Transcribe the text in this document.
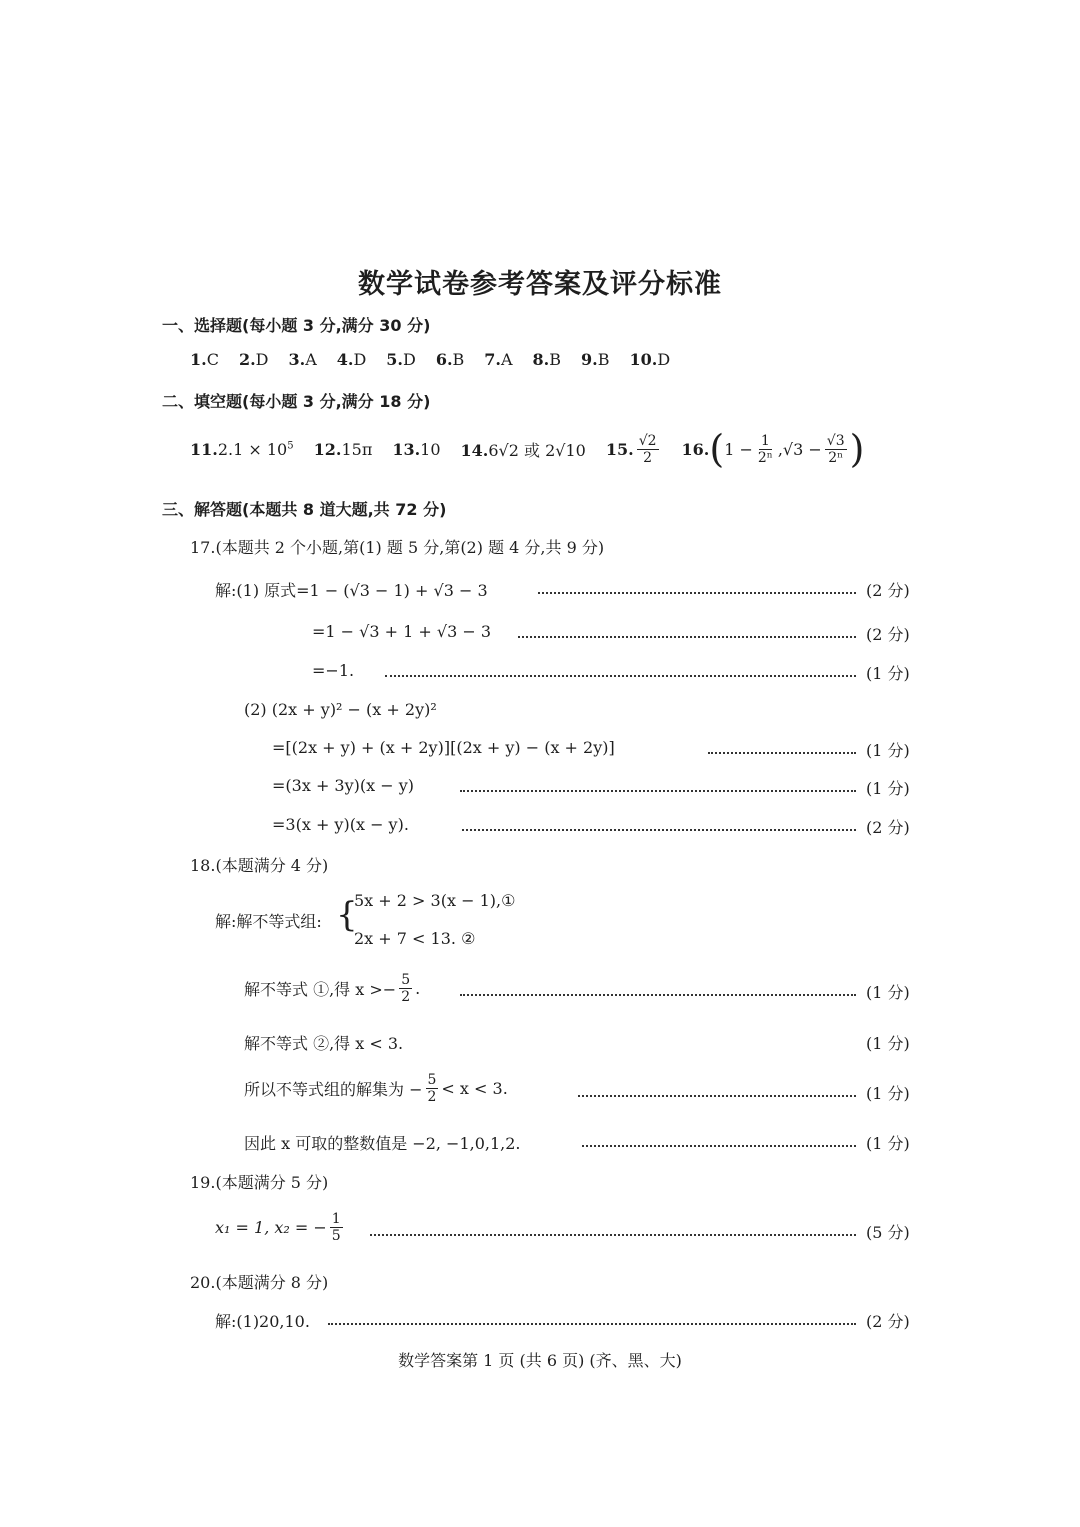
数学试卷参考答案及评分标准
一、选择题(每小题 3 分,满分 30 分)
1. C 2. D 3. A 4. D 5. D 6. B 7. A 8. B 9. B 10. D
二、填空题(每小题 3 分,满分 18 分)
$11.2.1 \times 10^5$ 12.15π 13.10 14.6√2 或 2√10 15. $\frac{√2}{2} 16$. ( $1 - \frac{1}{\text{2ⁿ}} ,√3 - \frac{√3}{\text{2ⁿ}}$ )
三、解答题(本题共 8 道大题,共 72 分)
17.(本题共 2 个小题,第(1) 题 5 分,第(2) 题 4 分,共 9 分)
解:(1) 原式=1 − (√3 − 1) + √3 − 3	(2 分)
=1 − √3 + 1 + √3 − 3	(2 分)
=−1.	(1 分)
(2) (2x + y)² − (x + 2y)²
=[(2x + y) + (x + 2y)][(2x + y) − (x + 2y)]	(1 分)
=(3x + 3y)(x − y)	(1 分)
=3(x + y)(x − y).	(2 分)
18.(本题满分 4 分)
解:解不等式组: {
5x + 2 > 3(x − 1),①
2x + 7 < 13. ②
解不等式 ①,得 $x >- \frac{5}{2}$ .	(1 分)
解不等式 ②,得 x < 3.	(1 分)
所以不等式组的解集为 − $\frac{5}{2} < x < 3$.	(1 分)
因此 x 可取的整数值是 −2, −1,0,1,2.	(1 分)
19.(本题满分 5 分)
x₁ = 1, x₂ = − $\frac{1}{5}$	(5 分)
20.(本题满分 8 分)
解:(1)20,10.	(2 分)
数学答案第 1 页 (共 6 页) (齐、黑、大)
